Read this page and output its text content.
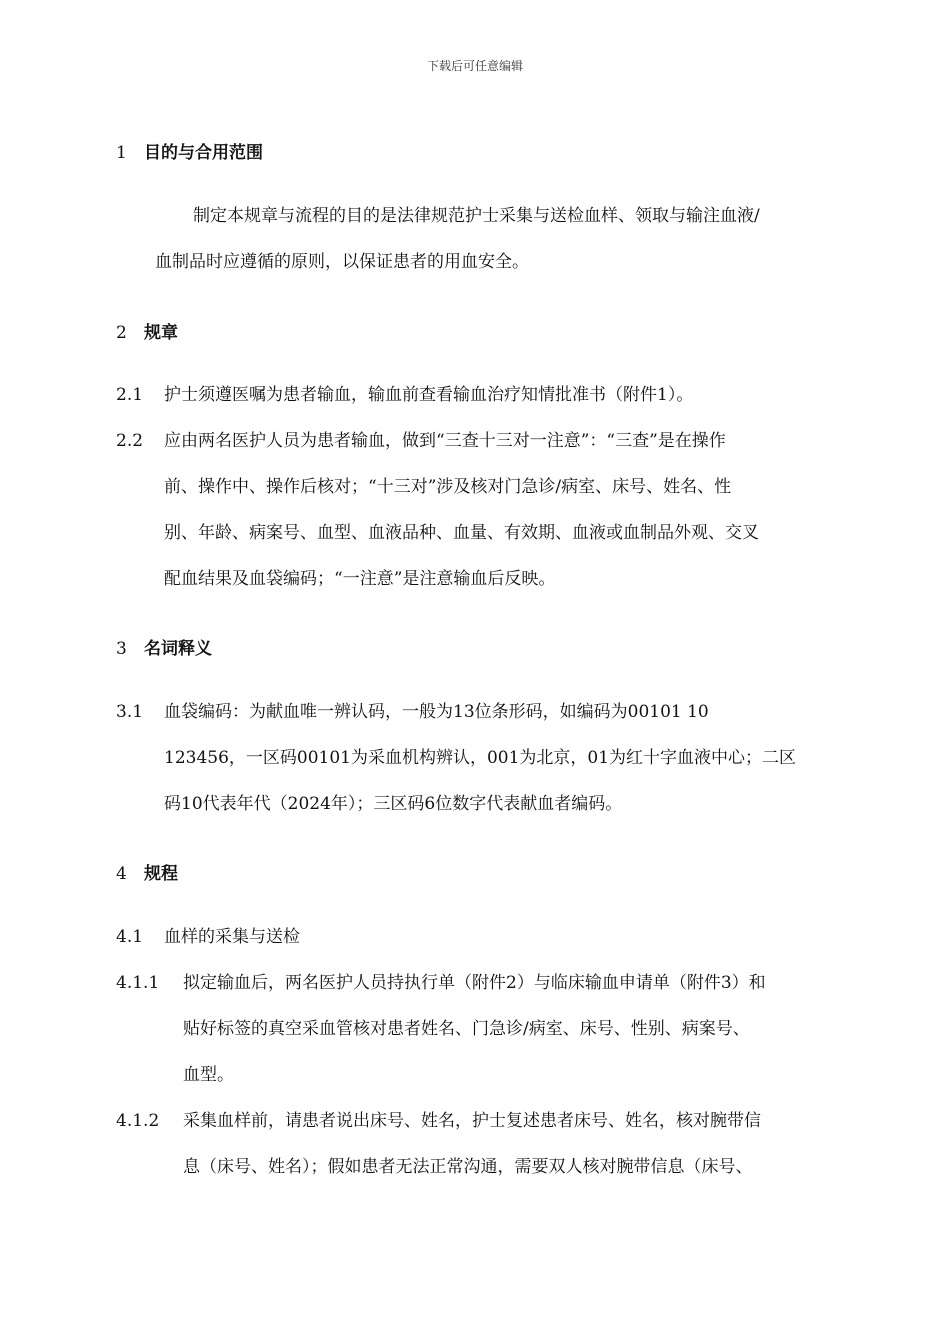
下载后可任意编辑
1 目的与合用范围
制定本规章与流程的目的是法律规范护士采集与送检血样、领取与输注血液/
血制品时应遵循的原则，以保证患者的用血安全。
2 规章
2.1 护士须遵医嘱为患者输血，输血前查看输血治疗知情批准书（附件1）。
2.2 应由两名医护人员为患者输血，做到“三查十三对一注意”：“三查”是在操作
前、操作中、操作后核对；“十三对”涉及核对门急诊/病室、床号、姓名、性
别、年龄、病案号、血型、血液品种、血量、有效期、血液或血制品外观、交叉
配血结果及血袋编码；“一注意”是注意输血后反映。
3 名词释义
3.1 血袋编码：为献血唯一辨认码，一般为13位条形码，如编码为00101 10
123456，一区码00101为采血机构辨认，001为北京，01为红十字血液中心；二区
码10代表年代（2024年）；三区码6位数字代表献血者编码。
4 规程
4.1 血样的采集与送检
4.1.1 拟定输血后，两名医护人员持执行单（附件2）与临床输血申请单（附件3）和
贴好标签的真空采血管核对患者姓名、门急诊/病室、床号、性别、病案号、
血型。
4.1.2 采集血样前，请患者说出床号、姓名，护士复述患者床号、姓名，核对腕带信
息（床号、姓名）；假如患者无法正常沟通，需要双人核对腕带信息（床号、
